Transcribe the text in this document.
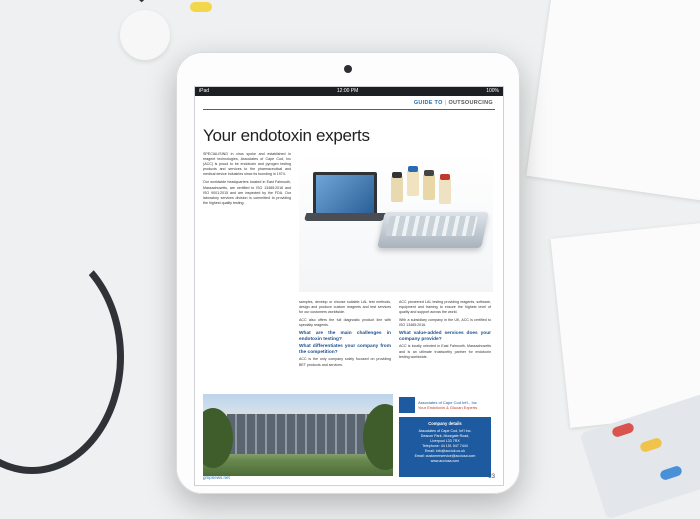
iPad	12:00 PM	100%
GUIDE TO | OUTSOURCING
Your endotoxin experts

SPECIALISING in virus spoke and established in reagent technologies, Associates of Cape Cod, Inc (ACC) is proud to be endotoxin and pyrogen testing products and services to the pharmaceutical and medical device industries since its founding in 1974.

Our worldwide headquarters located in East Falmouth, Massachusetts, are certified to ISO 13485:2016 and ISO 9001:2015 and are inspected by the FDA. Our laboratory services division is committed to providing the highest quality testing.

samples, develop or choose suitable LAL test methods, design and produce custom reagents and test services for our customers worldwide.

ACC also offers the full diagnostic product line with specialty reagents.

What are the main challenges in endotoxin testing?
What differentiates your company from the competition?

ACC is the only company solely focused on providing BET products and services.

ACC pioneered LAL testing providing reagents, software, equipment and training to ensure the highest level of quality and support across the world.

With a subsidiary company in the UK, ACC is certified to ISO 13485:2016.

What value-added services does your company provide?

ACC is locally oriented in East Falmouth, Massachusetts and is an ultimate trustworthy partner for endotoxin testing worldwide.

Associates of Cape Cod Int'l., Inc
Your Endotoxin & Glucan Experts
Company details
Associates of Cape Cod, Int'l Inc.
Deacon Park, Moorgate Road,
Liverpool L33 7RX
Telephone: 44 151 547 7444
Email: info@acciuk.co.uk
Email: customerservice@acciusa.com
www.acciusa.com
gmpnews.net	23
